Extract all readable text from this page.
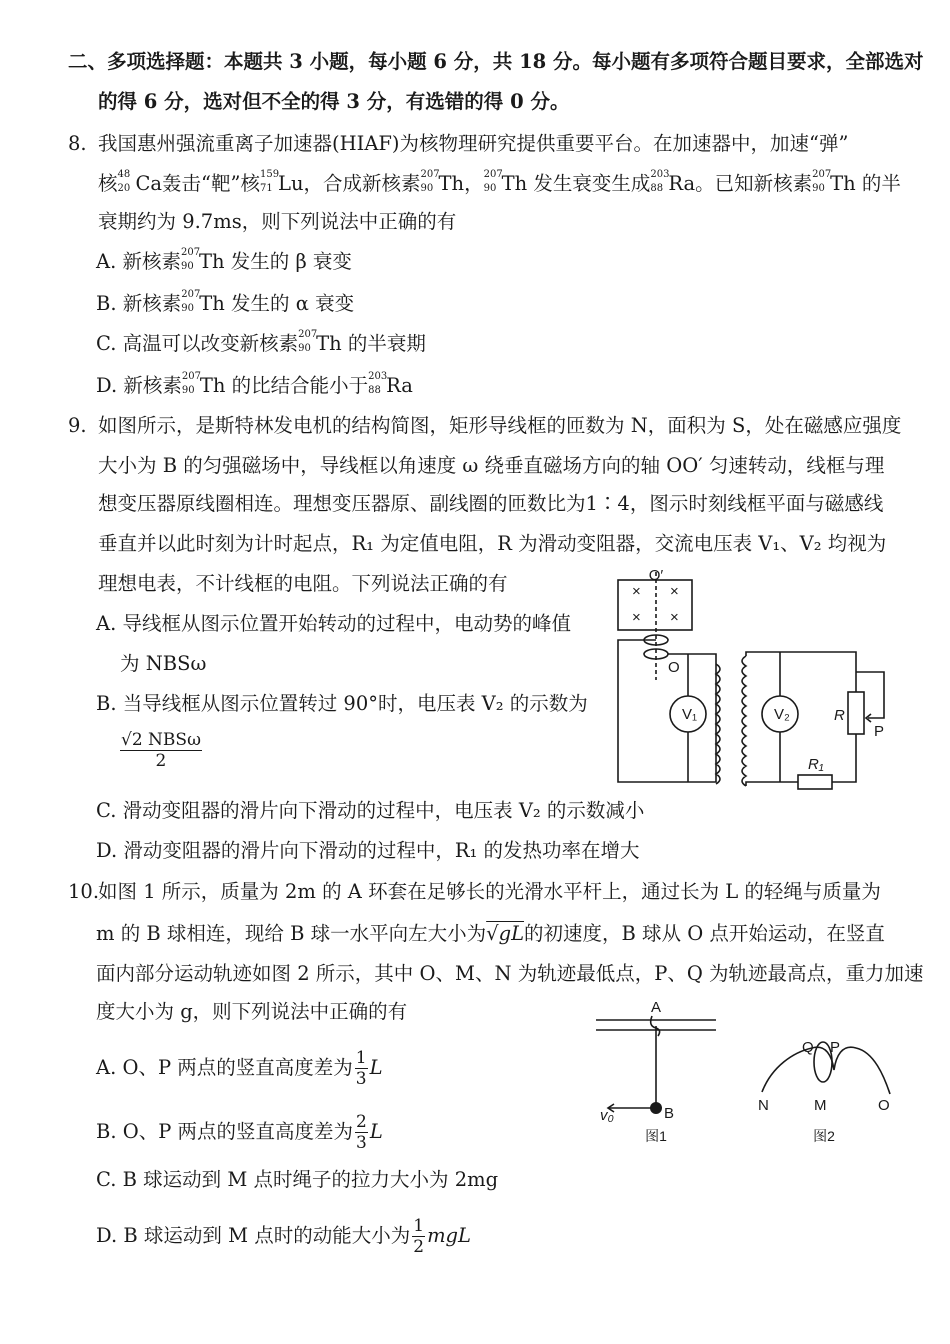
二、多项选择题：本题共 3 小题，每小题 6 分，共 18 分。每小题有多项符合题目要求，全部选对
的得 6 分，选对但不全的得 3 分，有选错的得 0 分。
8. 我国惠州强流重离子加速器(HIAF)为核物理研究提供重要平台。在加速器中，加速“弹”
核 48
20 Ca轰击“靶”核 159
71 Lu，合成新核素 207
90 Th， 207
90 Th 发生衰变生成 203
88 Ra。已知新核素 207
90 Th 的半
衰期约为 9.7ms，则下列说法中正确的有
A. 新核素 207
90 Th 发生的 β 衰变
B. 新核素 207
90 Th 发生的 α 衰变
C. 高温可以改变新核素 207
90 Th 的半衰期
D. 新核素 207
90 Th 的比结合能小于 203
88 Ra
9. 如图所示，是斯特林发电机的结构简图，矩形导线框的匝数为 N，面积为 S，处在磁感应强度
大小为 B 的匀强磁场中，导线框以角速度 ω 绕垂直磁场方向的轴 OO′ 匀速转动，线框与理
想变压器原线圈相连。理想变压器原、副线圈的匝数比为1∶4，图示时刻线框平面与磁感线
垂直并以此时刻为计时起点，R₁ 为定值电阻，R 为滑动变阻器，交流电压表 V₁、V₂ 均视为
理想电表，不计线框的电阻。下列说法正确的有
A. 导线框从图示位置开始转动的过程中，电动势的峰值
为 NBSω
B. 当导线框从图示位置转过 90°时，电压表 V₂ 的示数为
$\frac{\text{√2 NBSω}}{2}$
C. 滑动变阻器的滑片向下滑动的过程中，电压表 V₂ 的示数减小
D. 滑动变阻器的滑片向下滑动的过程中，R₁ 的发热功率在增大
O′
O
V₁	V₂	R
P
R₁
× ×
× ×
10.
如图 1 所示，质量为 2m 的 A 环套在足够长的光滑水平杆上，通过长为 L 的轻绳与质量为
m 的 B 球相连，现给 B 球一水平向左大小为√gL的初速度，B 球从 O 点开始运动，在竖直
面内部分运动轨迹如图 2 所示，其中 O、M、N 为轨迹最低点，P、Q 为轨迹最高点，重力加速
度大小为 g，则下列说法中正确的有
A. O、P 两点的竖直高度差为 $\frac{1}{3}$ L
B. O、P 两点的竖直高度差为 $\frac{2}{3}$ L
C. B 球运动到 M 点时绳子的拉力大小为 2mg
D. B 球运动到 M 点时的动能大小为 $\frac{1}{2}$ mgL
A
B
v₀
图1
Q P
N	M	O
图2
